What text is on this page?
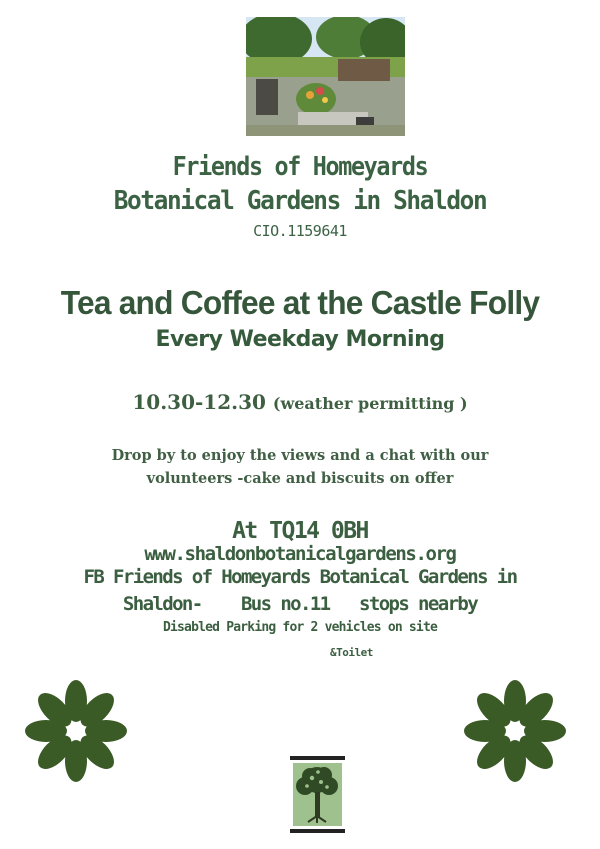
Friends of Homeyards
Botanical Gardens in Shaldon
CIO.1159641
Tea and Coffee at the Castle Folly
Every Weekday Morning
10.30-12.30 (weather permitting )
Drop by to enjoy the views and a chat with our
volunteers -cake and biscuits on offer
At TQ14 0BH
www.shaldonbotanicalgardens.org
FB Friends of Homeyards Botanical Gardens in
Shaldon-    Bus no.11   stops nearby
Disabled Parking for 2 vehicles on site
&Toilet
